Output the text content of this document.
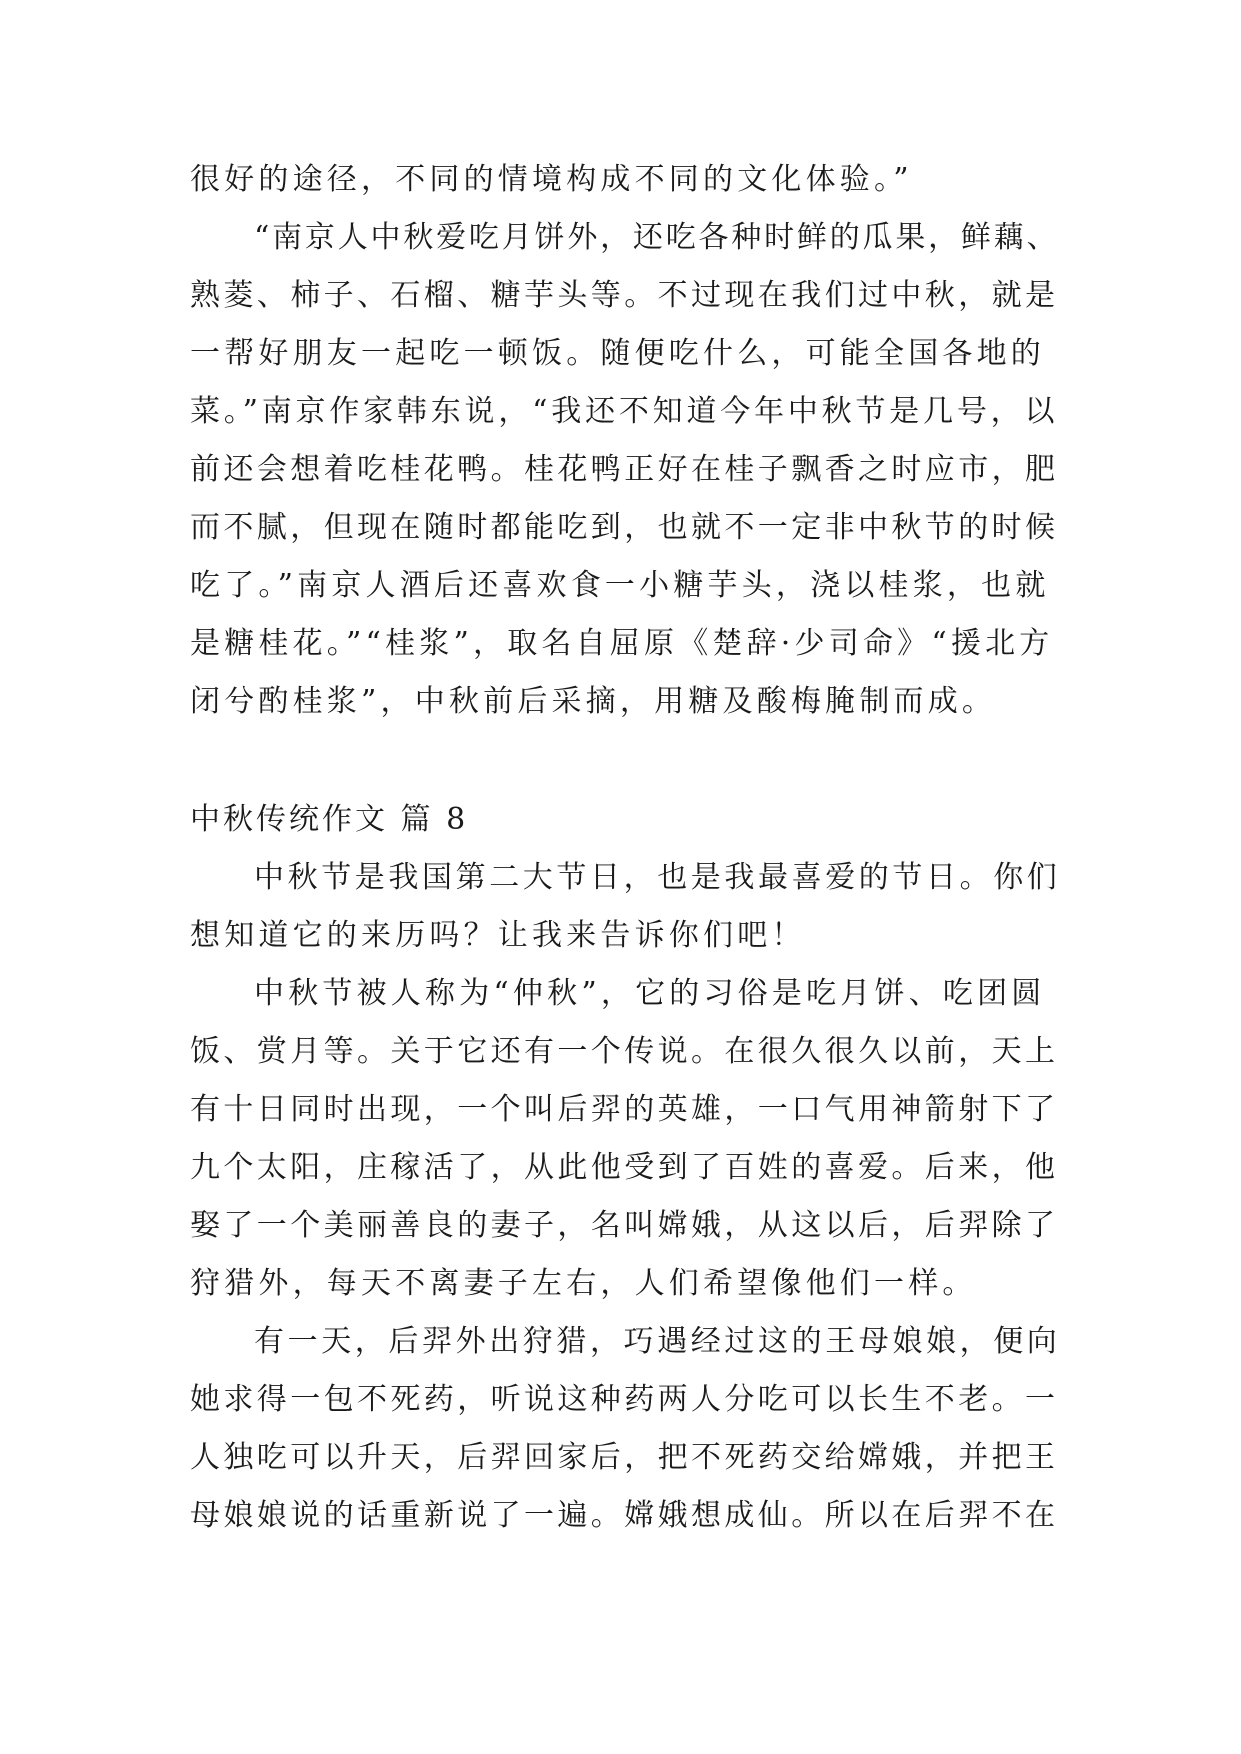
很好的途径，不同的情境构成不同的文化体验。”
“南京人中秋爱吃月饼外，还吃各种时鲜的瓜果，鲜藕、
熟菱、柿子、石榴、糖芋头等。不过现在我们过中秋，就是
一帮好朋友一起吃一顿饭。随便吃什么，可能全国各地的
菜。”南京作家韩东说，“我还不知道今年中秋节是几号，以
前还会想着吃桂花鸭。桂花鸭正好在桂子飘香之时应市，肥
而不腻，但现在随时都能吃到，也就不一定非中秋节的时候
吃了。”南京人酒后还喜欢食一小糖芋头，浇以桂浆，也就
是糖桂花。”“桂浆”，取名自屈原《楚辞·少司命》“援北方
闭兮酌桂浆”，中秋前后采摘，用糖及酸梅腌制而成。
中秋传统作文 篇 8
中秋节是我国第二大节日，也是我最喜爱的节日。你们
想知道它的来历吗？让我来告诉你们吧！
中秋节被人称为“仲秋”，它的习俗是吃月饼、吃团圆
饭、赏月等。关于它还有一个传说。在很久很久以前，天上
有十日同时出现，一个叫后羿的英雄，一口气用神箭射下了
九个太阳，庄稼活了，从此他受到了百姓的喜爱。后来，他
娶了一个美丽善良的妻子，名叫嫦娥，从这以后，后羿除了
狩猎外，每天不离妻子左右，人们希望像他们一样。
有一天，后羿外出狩猎，巧遇经过这的王母娘娘，便向
她求得一包不死药，听说这种药两人分吃可以长生不老。一
人独吃可以升天，后羿回家后，把不死药交给嫦娥，并把王
母娘娘说的话重新说了一遍。嫦娥想成仙。所以在后羿不在
